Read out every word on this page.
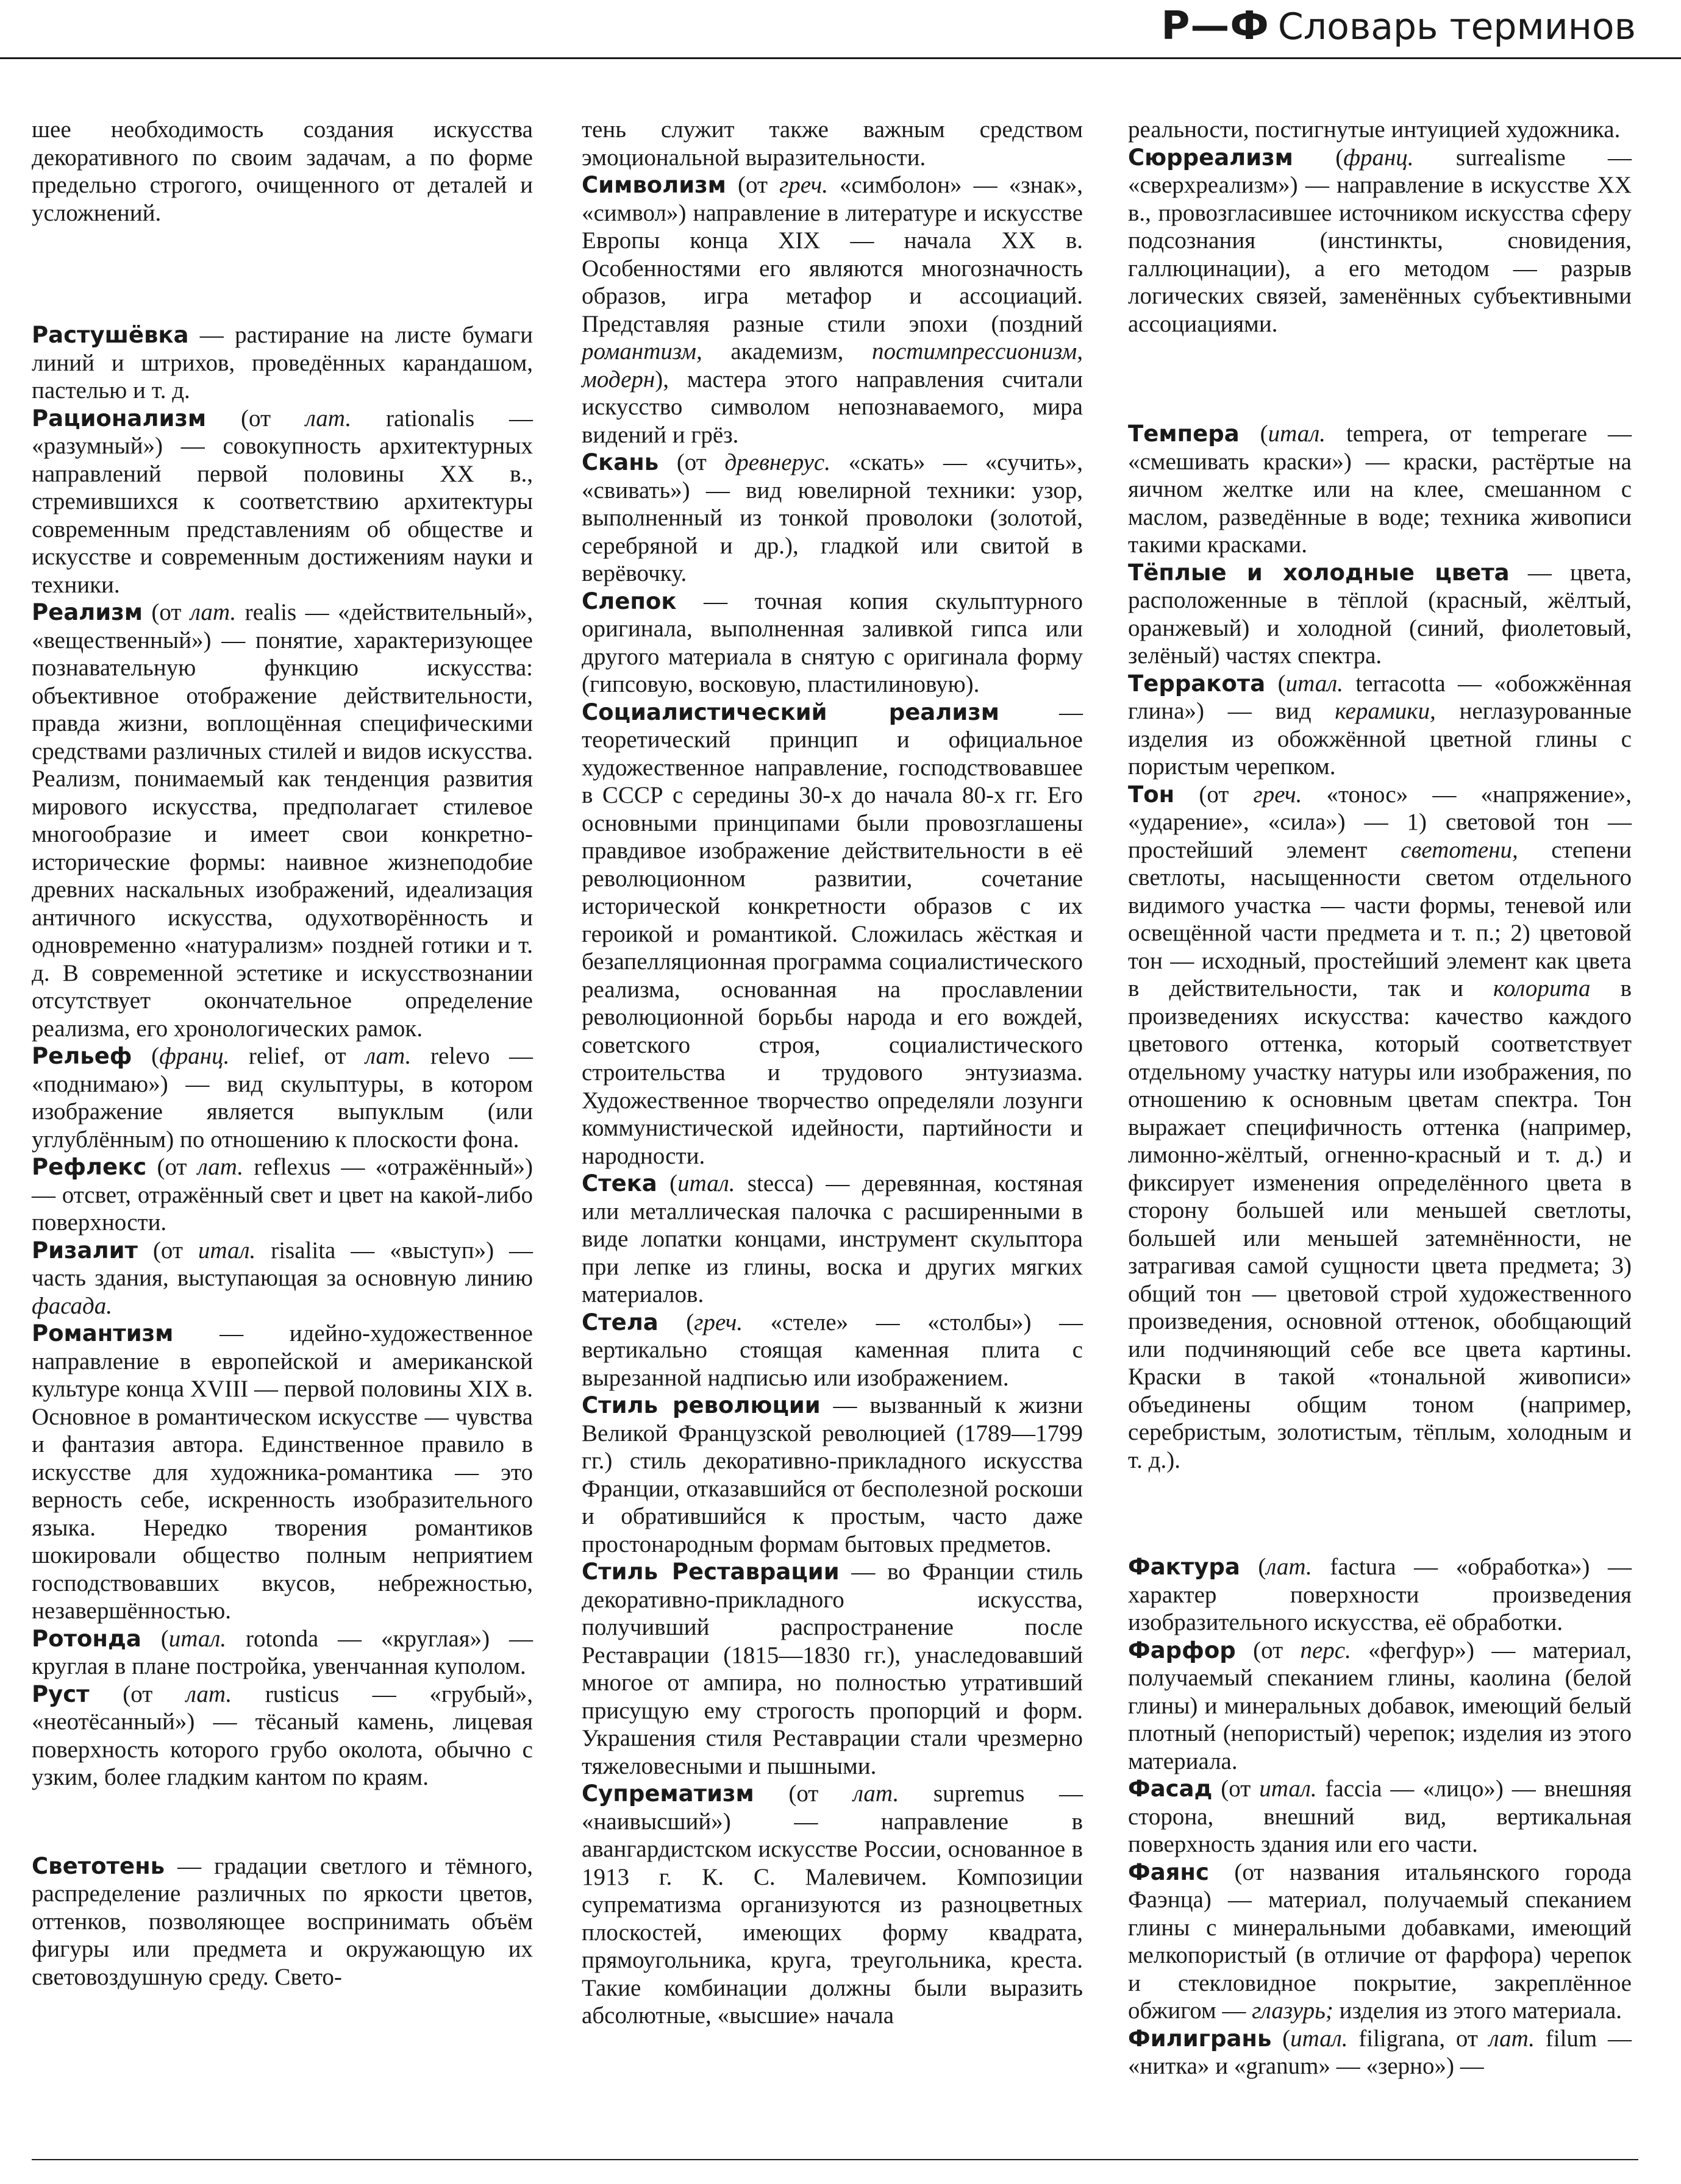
Р—Ф Словарь терминов

шее необходимость создания искусства декоративного по своим задачам, а по форме предельно строгого, очищенного от деталей и усложнений.

Растушёвка — растирание на листе бумаги линий и штрихов, проведённых карандашом, пастелью и т. д.

Рационализм (от лат. rationalis — «разумный») — совокупность архитектурных направлений первой половины XX в., стремившихся к соответствию архитектуры современным представлениям об обществе и искусстве и современным достижениям науки и техники.

Реализм (от лат. realis — «действительный», «вещественный») — понятие, характеризующее познавательную функцию искусства: объективное отображение действительности, правда жизни, воплощённая специфическими средствами различных стилей и видов искусства. Реализм, понимаемый как тенденция развития мирового искусства, предполагает стилевое многообразие и имеет свои конкретно-исторические формы: наивное жизнеподобие древних наскальных изображений, идеализация античного искусства, одухотворённость и одновременно «натурализм» поздней готики и т. д. В современной эстетике и искусствознании отсутствует окончательное определение реализма, его хронологических рамок.

Рельеф (франц. relief, от лат. relevo — «поднимаю») — вид скульптуры, в котором изображение является выпуклым (или углублённым) по отношению к плоскости фона.

Рефлекс (от лат. reflexus — «отражённый») — отсвет, отражённый свет и цвет на какой-либо поверхности.

Ризалит (от итал. risalita — «выступ») — часть здания, выступающая за основную линию фасада.

Романтизм — идейно-художественное направление в европейской и американской культуре конца XVIII — первой половины XIX в. Основное в романтическом искусстве — чувства и фантазия автора. Единственное правило в искусстве для художника-романтика — это верность себе, искренность изобразительного языка. Нередко творения романтиков шокировали общество полным неприятием господствовавших вкусов, небрежностью, незавершённостью.

Ротонда (итал. rotonda — «круглая») — круглая в плане постройка, увенчанная куполом.

Руст (от лат. rusticus — «грубый», «неотёсанный») — тёсаный камень, лицевая поверхность которого грубо околота, обычно с узким, более гладким кантом по краям.

Светотень — градации светлого и тёмного, распределение различных по яркости цветов, оттенков, позволяющее воспринимать объём фигуры или предмета и окружающую их световоздушную среду. Свето-

тень служит также важным средством эмоциональной выразительности.

Символизм (от греч. «симболон» — «знак», «символ») направление в литературе и искусстве Европы конца XIX — начала XX в. Особенностями его являются многозначность образов, игра метафор и ассоциаций. Представляя разные стили эпохи (поздний романтизм, академизм, постимпрессионизм, модерн), мастера этого направления считали искусство символом непознаваемого, мира видений и грёз.

Скань (от древнерус. «скать» — «сучить», «свивать») — вид ювелирной техники: узор, выполненный из тонкой проволоки (золотой, серебряной и др.), гладкой или свитой в верёвочку.

Слепок — точная копия скульптурного оригинала, выполненная заливкой гипса или другого материала в снятую с оригинала форму (гипсовую, восковую, пластилиновую).

Социалистический реализм — теоретический принцип и официальное художественное направление, господствовавшее в СССР с середины 30-х до начала 80-х гг. Его основными принципами были провозглашены правдивое изображение действительности в её революционном развитии, сочетание исторической конкретности образов с их героикой и романтикой. Сложилась жёсткая и безапелляционная программа социалистического реализма, основанная на прославлении революционной борьбы народа и его вождей, советского строя, социалистического строительства и трудового энтузиазма. Художественное творчество определяли лозунги коммунистической идейности, партийности и народности.

Стека (итал. stecca) — деревянная, костяная или металлическая палочка с расширенными в виде лопатки концами, инструмент скульптора при лепке из глины, воска и других мягких материалов.

Стела (греч. «стеле» — «столбы») — вертикально стоящая каменная плита с вырезанной надписью или изображением.

Стиль революции — вызванный к жизни Великой Французской революцией (1789—1799 гг.) стиль декоративно-прикладного искусства Франции, отказавшийся от бесполезной роскоши и обратившийся к простым, часто даже простонародным формам бытовых предметов.

Стиль Реставрации — во Франции стиль декоративно-прикладного искусства, получивший распространение после Реставрации (1815—1830 гг.), унаследовавший многое от ампира, но полностью утративший присущую ему строгость пропорций и форм. Украшения стиля Реставрации стали чрезмерно тяжеловесными и пышными.

Супрематизм (от лат. supremus — «наивысший») — направление в авангардистском искусстве России, основанное в 1913 г. К. С. Малевичем. Композиции супрематизма организуются из разноцветных плоскостей, имеющих форму квадрата, прямоугольника, круга, треугольника, креста. Такие комбинации должны были выразить абсолютные, «высшие» начала

реальности, постигнутые интуицией художника.

Сюрреализм (франц. surrealisme — «сверхреализм») — направление в искусстве XX в., провозгласившее источником искусства сферу подсознания (инстинкты, сновидения, галлюцинации), а его методом — разрыв логических связей, заменённых субъективными ассоциациями.

Темпера (итал. tempera, от temperare — «смешивать краски») — краски, растёртые на яичном желтке или на клее, смешанном с маслом, разведённые в воде; техника живописи такими красками.

Тёплые и холодные цвета — цвета, расположенные в тёплой (красный, жёлтый, оранжевый) и холодной (синий, фиолетовый, зелёный) частях спектра.

Терракота (итал. terracotta — «обожжённая глина») — вид керамики, неглазурованные изделия из обожжённой цветной глины с пористым черепком.

Тон (от греч. «тонос» — «напряжение», «ударение», «сила») — 1) световой тон — простейший элемент светотени, степени светлоты, насыщенности светом отдельного видимого участка — части формы, теневой или освещённой части предмета и т. п.; 2) цветовой тон — исходный, простейший элемент как цвета в действительности, так и колорита в произведениях искусства: качество каждого цветового оттенка, который соответствует отдельному участку натуры или изображения, по отношению к основным цветам спектра. Тон выражает специфичность оттенка (например, лимонно-жёлтый, огненно-красный и т. д.) и фиксирует изменения определённого цвета в сторону большей или меньшей светлоты, большей или меньшей затемнённости, не затрагивая самой сущности цвета предмета; 3) общий тон — цветовой строй художественного произведения, основной оттенок, обобщающий или подчиняющий себе все цвета картины. Краски в такой «тональной живописи» объединены общим тоном (например, серебристым, золотистым, тёплым, холодным и т. д.).

Фактура (лат. factura — «обработка») — характер поверхности произведения изобразительного искусства, её обработки.

Фарфор (от перс. «фегфур») — материал, получаемый спеканием глины, каолина (белой глины) и минеральных добавок, имеющий белый плотный (непористый) черепок; изделия из этого материала.

Фасад (от итал. faccia — «лицо») — внешняя сторона, внешний вид, вертикальная поверхность здания или его части.

Фаянс (от названия итальянского города Фаэнца) — материал, получаемый спеканием глины с минеральными добавками, имеющий мелкопористый (в отличие от фарфора) черепок и стекловидное покрытие, закреплённое обжигом — глазурь; изделия из этого материала.

Филигрань (итал. filigrana, от лат. filum — «нитка» и «granum» — «зерно») —
